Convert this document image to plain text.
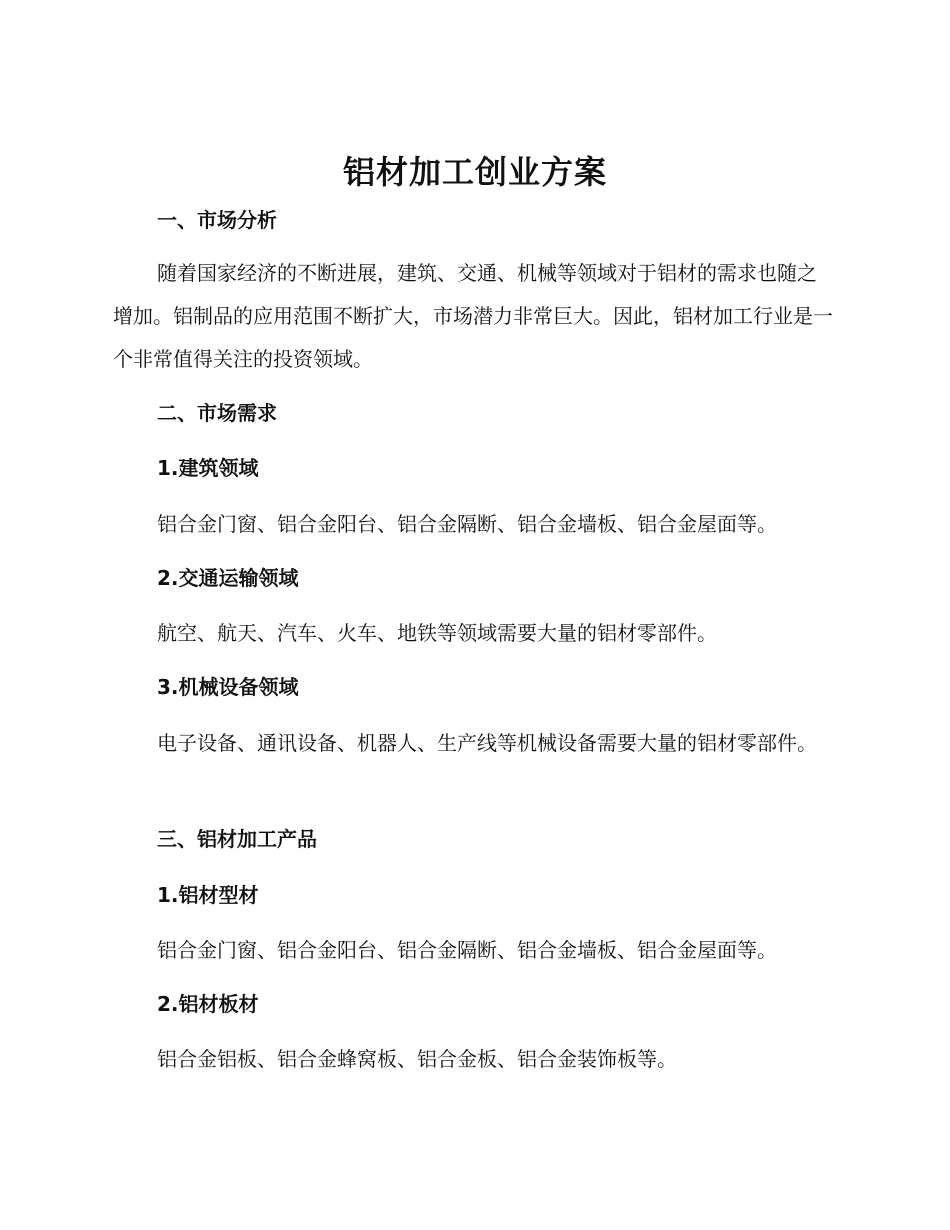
铝材加工创业方案
一、市场分析

随着国家经济的不断进展，建筑、交通、机械等领域对于铝材的需求也随之增加。铝制品的应用范围不断扩大，市场潜力非常巨大。因此，铝材加工行业是一个非常值得关注的投资领域。

二、市场需求
1.建筑领域

铝合金门窗、铝合金阳台、铝合金隔断、铝合金墙板、铝合金屋面等。

2.交通运输领域

航空、航天、汽车、火车、地铁等领域需要大量的铝材零部件。

3.机械设备领域

电子设备、通讯设备、机器人、生产线等机械设备需要大量的铝材零部件。

三、铝材加工产品
1.铝材型材

铝合金门窗、铝合金阳台、铝合金隔断、铝合金墙板、铝合金屋面等。

2.铝材板材

铝合金铝板、铝合金蜂窝板、铝合金板、铝合金装饰板等。
